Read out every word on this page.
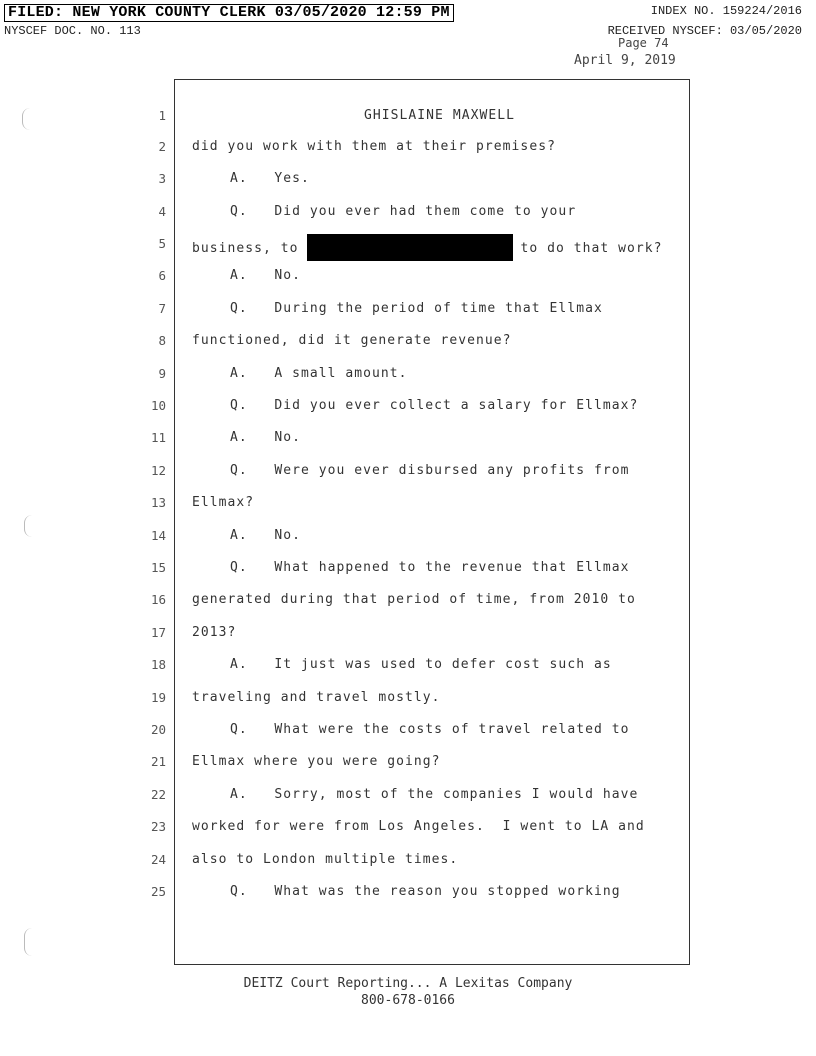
FILED: NEW YORK COUNTY CLERK 03/05/2020 12:59 PM	INDEX NO. 159224/2016
NYSCEF DOC. NO. 113	RECEIVED NYSCEF: 03/05/2020
Page 74
April 9, 2019
1	GHISLAINE MAXWELL
2 did you work with them at their premises?
3	A.   Yes.
4	Q.   Did you ever had them come to your
5 business, to	to do that work?
6	A.   No.
7	Q.   During the period of time that Ellmax
8 functioned, did it generate revenue?
9	A.   A small amount.
10	Q.   Did you ever collect a salary for Ellmax?
11	A.   No.
12	Q.   Were you ever disbursed any profits from
13 Ellmax?
14	A.   No.
15	Q.   What happened to the revenue that Ellmax
16 generated during that period of time, from 2010 to
17 2013?
18	A.   It just was used to defer cost such as
19 traveling and travel mostly.
20	Q.   What were the costs of travel related to
21 Ellmax where you were going?
22	A.   Sorry, most of the companies I would have
23 worked for were from Los Angeles.  I went to LA and
24 also to London multiple times.
25	Q.   What was the reason you stopped working
DEITZ Court Reporting... A Lexitas Company
800-678-0166
